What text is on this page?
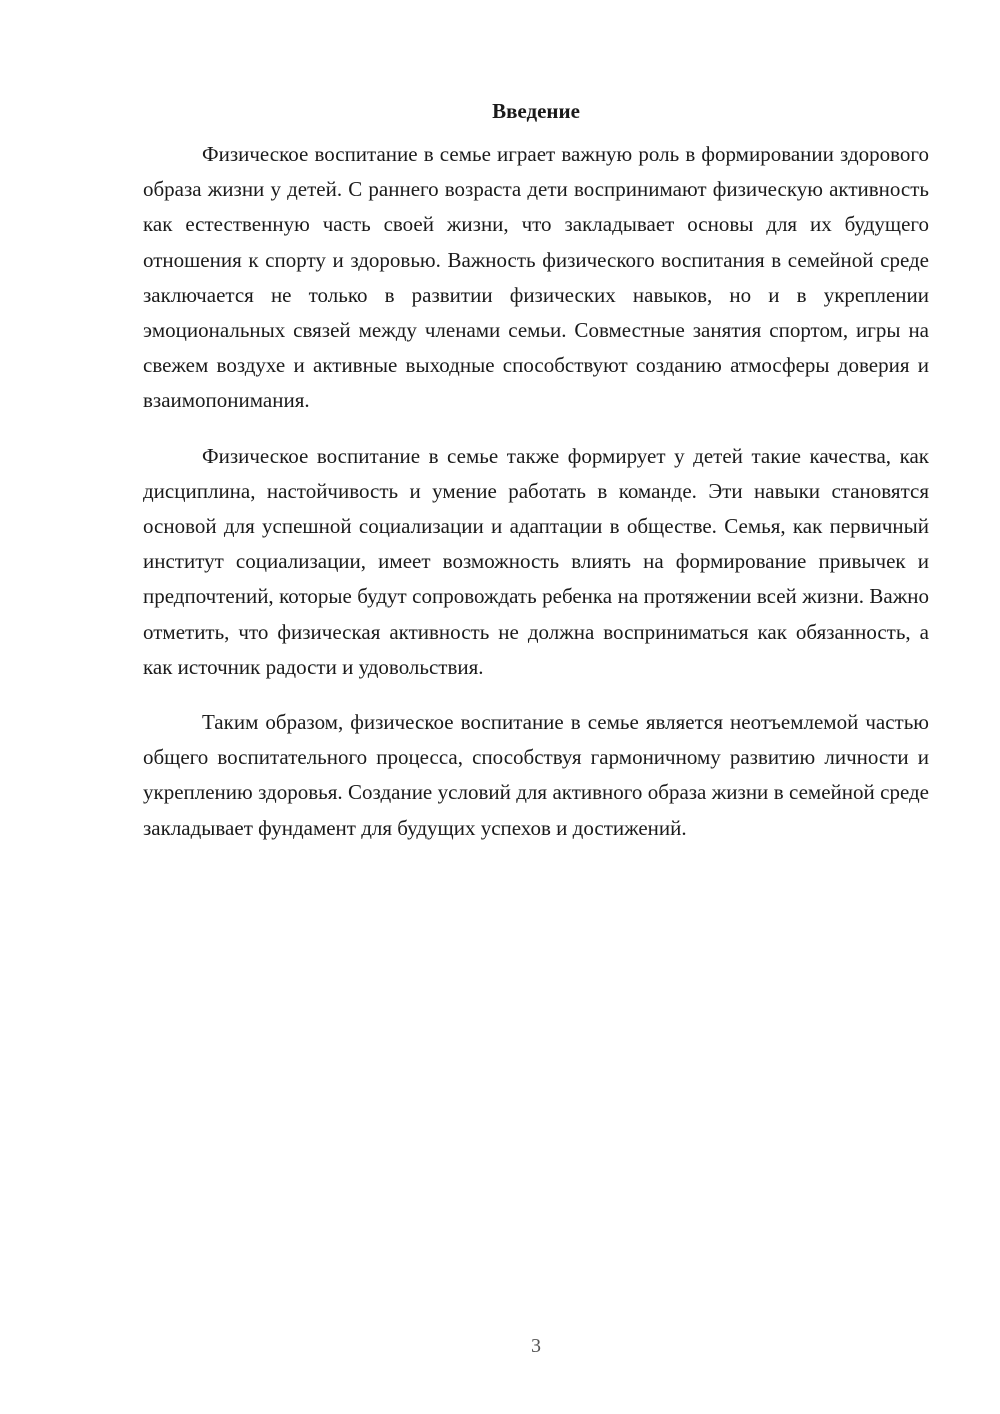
Введение

Физическое воспитание в семье играет важную роль в формировании здорового образа жизни у детей. С раннего возраста дети воспринимают физическую активность как естественную часть своей жизни, что закладывает основы для их будущего отношения к спорту и здоровью. Важность физического воспитания в семейной среде заключается не только в развитии физических навыков, но и в укреплении эмоциональных связей между членами семьи. Совместные занятия спортом, игры на свежем воздухе и активные выходные способствуют созданию атмосферы доверия и взаимопонимания.

Физическое воспитание в семье также формирует у детей такие качества, как дисциплина, настойчивость и умение работать в команде. Эти навыки становятся основой для успешной социализации и адаптации в обществе. Семья, как первичный институт социализации, имеет возможность влиять на формирование привычек и предпочтений, которые будут сопровождать ребенка на протяжении всей жизни. Важно отметить, что физическая активность не должна восприниматься как обязанность, а как источник радости и удовольствия.

Таким образом, физическое воспитание в семье является неотъемлемой частью общего воспитательного процесса, способствуя гармоничному развитию личности и укреплению здоровья. Создание условий для активного образа жизни в семейной среде закладывает фундамент для будущих успехов и достижений.

3
